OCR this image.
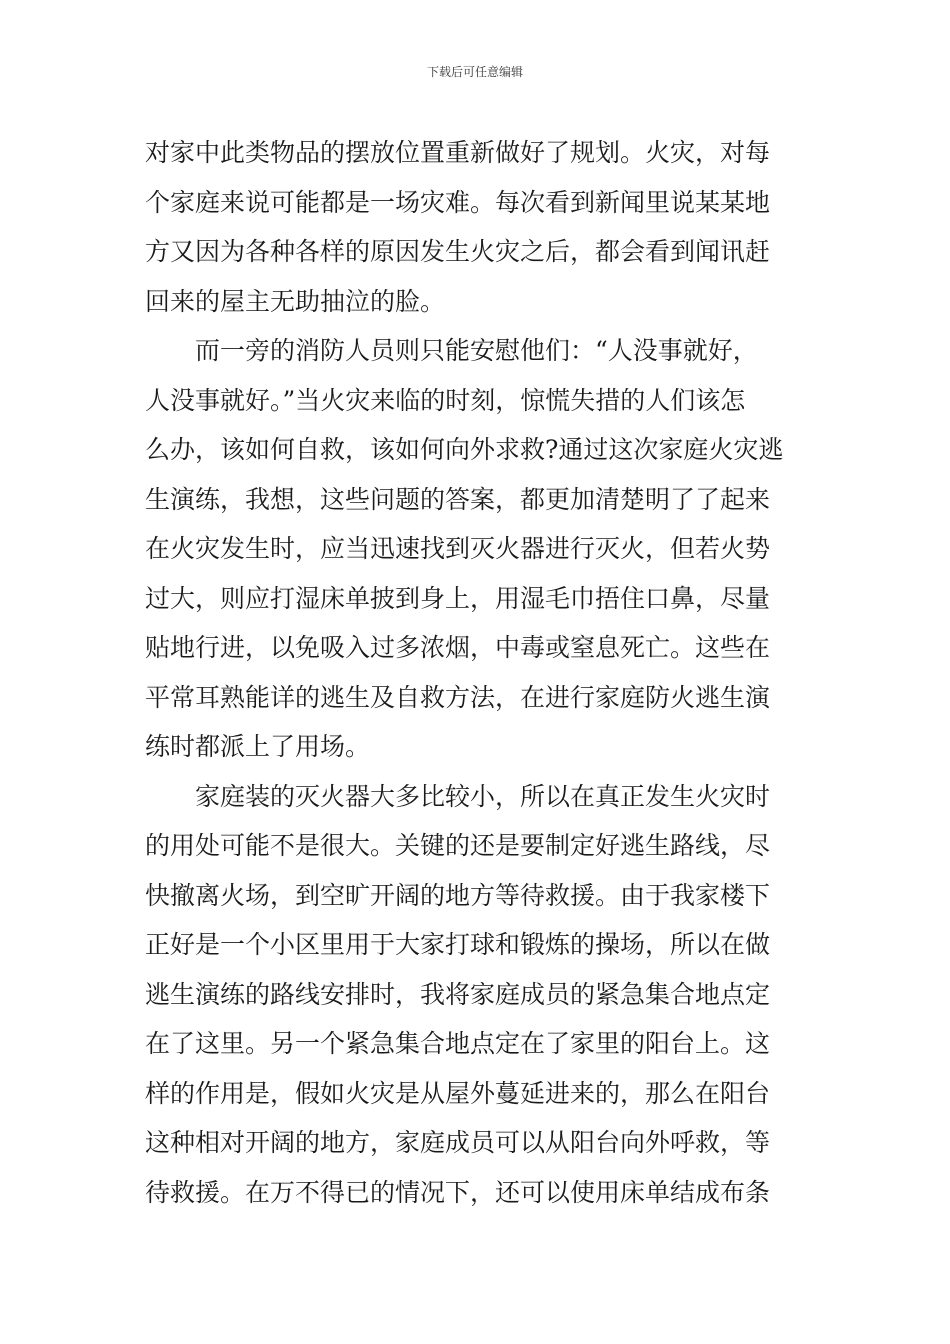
下载后可任意编辑
对家中此类物品的摆放位置重新做好了规划。火灾，对每
个家庭来说可能都是一场灾难。每次看到新闻里说某某地
方又因为各种各样的原因发生火灾之后，都会看到闻讯赶
回来的屋主无助抽泣的脸。
而一旁的消防人员则只能安慰他们：“人没事就好，
人没事就好。”当火灾来临的时刻，惊慌失措的人们该怎
么办，该如何自救，该如何向外求救?通过这次家庭火灾逃
生演练，我想，这些问题的答案，都更加清楚明了了起来
在火灾发生时，应当迅速找到灭火器进行灭火，但若火势
过大，则应打湿床单披到身上，用湿毛巾捂住口鼻，尽量
贴地行进，以免吸入过多浓烟，中毒或窒息死亡。这些在
平常耳熟能详的逃生及自救方法，在进行家庭防火逃生演
练时都派上了用场。
家庭装的灭火器大多比较小，所以在真正发生火灾时
的用处可能不是很大。关键的还是要制定好逃生路线，尽
快撤离火场，到空旷开阔的地方等待救援。由于我家楼下
正好是一个小区里用于大家打球和锻炼的操场，所以在做
逃生演练的路线安排时，我将家庭成员的紧急集合地点定
在了这里。另一个紧急集合地点定在了家里的阳台上。这
样的作用是，假如火灾是从屋外蔓延进来的，那么在阳台
这种相对开阔的地方，家庭成员可以从阳台向外呼救，等
待救援。在万不得已的情况下，还可以使用床单结成布条
